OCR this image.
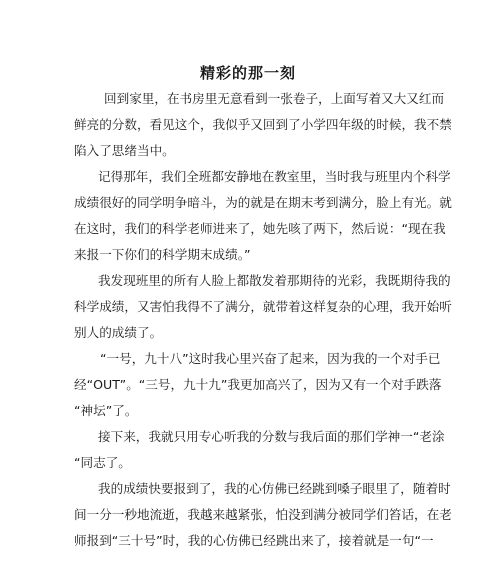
精彩的那一刻
回到家里，在书房里无意看到一张卷子，上面写着又大又红而
鲜亮的分数，看见这个，我似乎又回到了小学四年级的时候，我不禁
陷入了思绪当中。
记得那年，我们全班都安静地在教室里，当时我与班里内个科学
成绩很好的同学明争暗斗，为的就是在期末考到满分，脸上有光。就
在这时，我们的科学老师进来了，她先咳了两下，然后说：“现在我
来报一下你们的科学期末成绩。”
我发现班里的所有人脸上都散发着那期待的光彩，我既期待我的
科学成绩，又害怕我得不了满分，就带着这样复杂的心理，我开始听
别人的成绩了。
“一号，九十八”这时我心里兴奋了起来，因为我的一个对手已
经“OUT”。“三号，九十九”我更加高兴了，因为又有一个对手跌落
“神坛”了。
接下来，我就只用专心听我的分数与我后面的那们学神一“老涂
“同志了。
我的成绩快要报到了，我的心仿佛已经跳到嗓子眼里了，随着时
间一分一秒地流逝，我越来越紧张，怕没到满分被同学们笞话，在老
师报到“三十号”时，我的心仿佛已经跳出来了，接着就是一句“一
